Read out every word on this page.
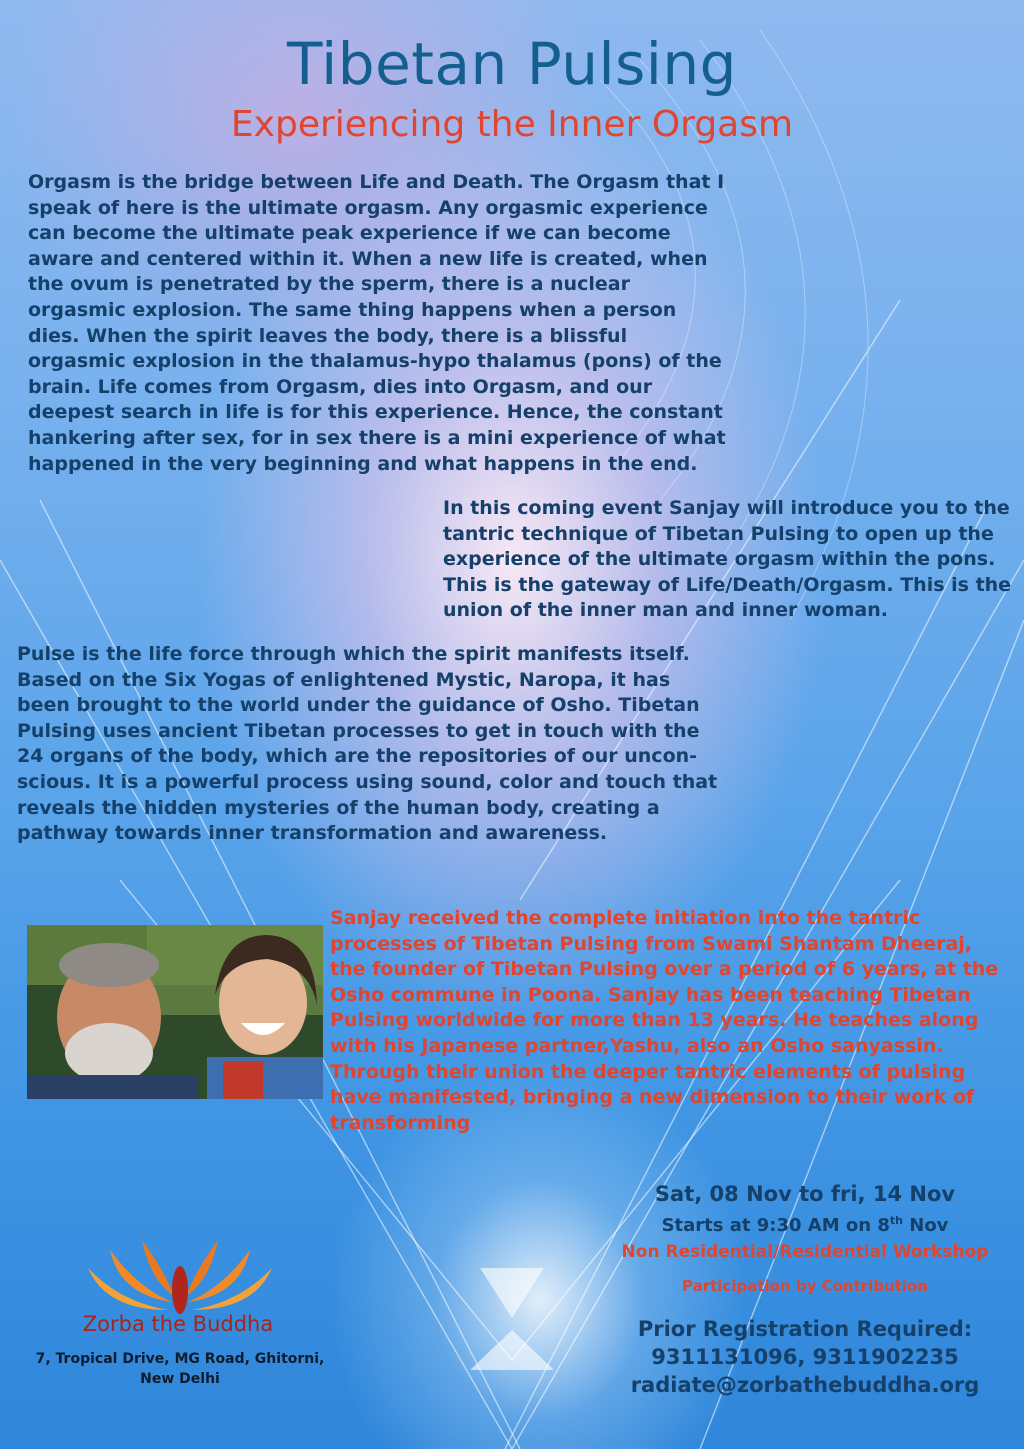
Tibetan Pulsing
Experiencing the Inner Orgasm
Orgasm is the bridge between Life and Death. The Orgasm that I speak of here is the ultimate orgasm. Any orgasmic experience can become the ultimate peak experience if we can become aware and centered within it. When a new life is created, when the ovum is penetrated by the sperm, there is a nuclear orgasmic explosion. The same thing happens when a person dies. When the spirit leaves the body, there is a blissful orgasmic explosion in the thalamus-hypo thalamus (pons) of the brain. Life comes from Orgasm, dies into Orgasm, and our deepest search in life is for this experience. Hence, the constant hankering after sex, for in sex there is a mini experience of what happened in the very beginning and what happens in the end.
In this coming event Sanjay will introduce you to the tantric technique of Tibetan Pulsing to open up the experience of the ultimate orgasm within the pons. This is the gateway of Life/Death/Orgasm. This is the union of the inner man and inner woman.
Pulse is the life force through which the spirit manifests itself. Based on the Six Yogas of enlightened Mystic, Naropa, it has been brought to the world under the guidance of Osho. Tibetan Pulsing uses ancient Tibetan processes to get in touch with the 24 organs of the body, which are the repositories of our uncon-scious. It is a powerful process using sound, color and touch that reveals the hidden mysteries of the human body, creating a pathway towards inner transformation and awareness.
Sanjay received the complete initiation into the tantric processes of Tibetan Pulsing from Swami Shantam Dheeraj, the founder of Tibetan Pulsing over a period of 6 years, at the Osho commune in Poona. Sanjay has been teaching Tibetan Pulsing worldwide for more than 13 years. He teaches along with his Japanese partner,Yashu, also an Osho sanyassin. Through their union the deeper tantric elements of pulsing have manifested, bringing a new dimension to their work of transforming
Sat, 08 Nov to fri, 14 Nov
Starts at 9:30 AM on 8th Nov
Non Residential/Residential Workshop
Participation by Contribution
Prior Registration Required:
9311131096, 9311902235
radiate@zorbathebuddha.org
Zorba the Buddha
7, Tropical Drive, MG Road, Ghitorni,
New Delhi
